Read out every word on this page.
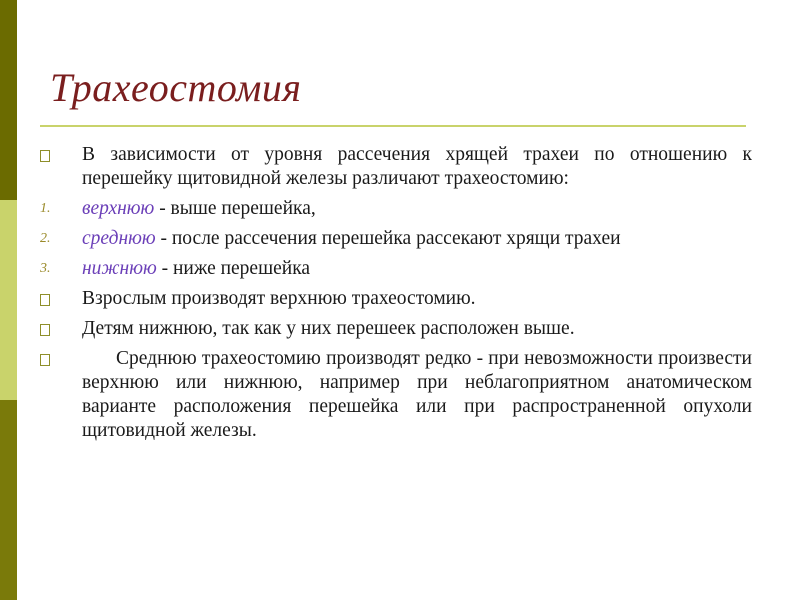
Трахеостомия
В зависимости от уровня рассечения хрящей трахеи по отношению к перешейку щитовидной железы различают трахеостомию:
1.	верхнюю - выше перешейка,
2.	среднюю - после рассечения перешейка рассекают хрящи трахеи
3.	нижнюю - ниже перешейка
Взрослым производят верхнюю трахеостомию.
Детям нижнюю, так как у них перешеек расположен выше.
Среднюю трахеостомию производят редко - при невозможности произвести верхнюю или нижнюю, например при неблагоприятном анатомическом варианте расположения перешейка или при распространенной опухоли щитовидной железы.
